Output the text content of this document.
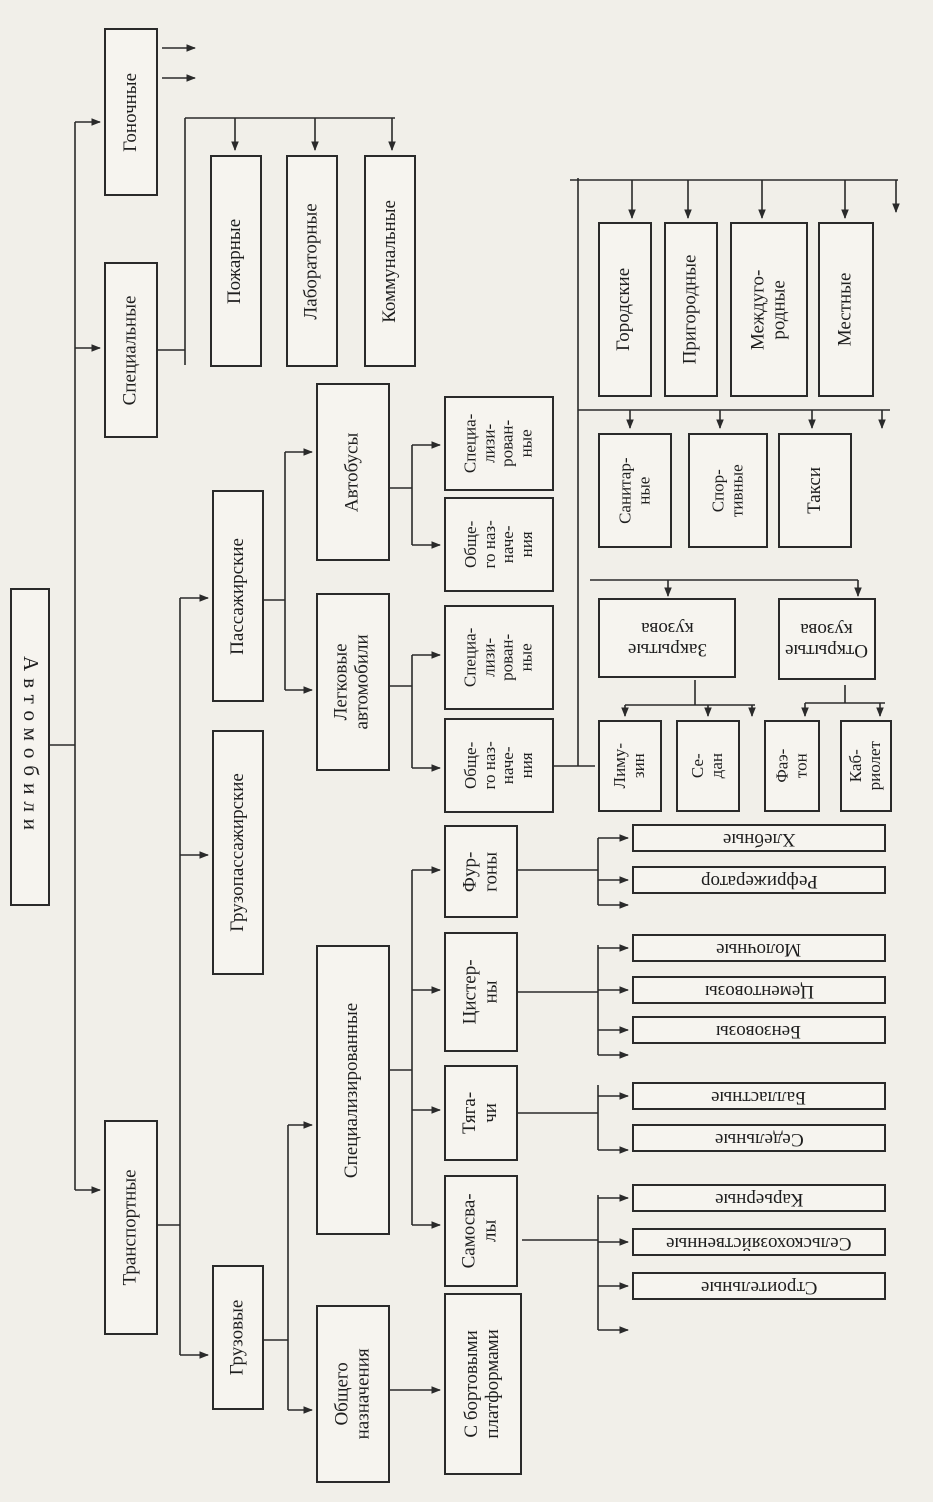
Автомобили
Транспортные
Специальные
Гоночные
Грузовые
Грузопассажирские
Пассажирские
Пожарные	Лабораторные	Коммунальные
Общего
назначения
Специализированные
Легковые
автомобили
Автобусы
С бортовыми
платформами
Самосва-
лы
Тяга-
чи
Цистер-
ны
Фур-
гоны
Обще-
го наз-
наче-
ния
Специа-
лизи-
рован-
ные
Обще-
го наз-
наче-
ния
Специа-
лизи-
рован-
ные
Закрытые
кузова
Открытые
кузова
Лиму-
зин Се-
дан	Фаэ-
тон Каб-
риолет
Санитар-
ные	Спор-
тивные	Такси
Городские Пригородные Междуго-
родные Местные
Строительные
Сельскохозяйственные
Карьерные
Седельные
Балластные
Бензовозы
Цементовозы
Молочные
Рефрижератор
Хлебные
